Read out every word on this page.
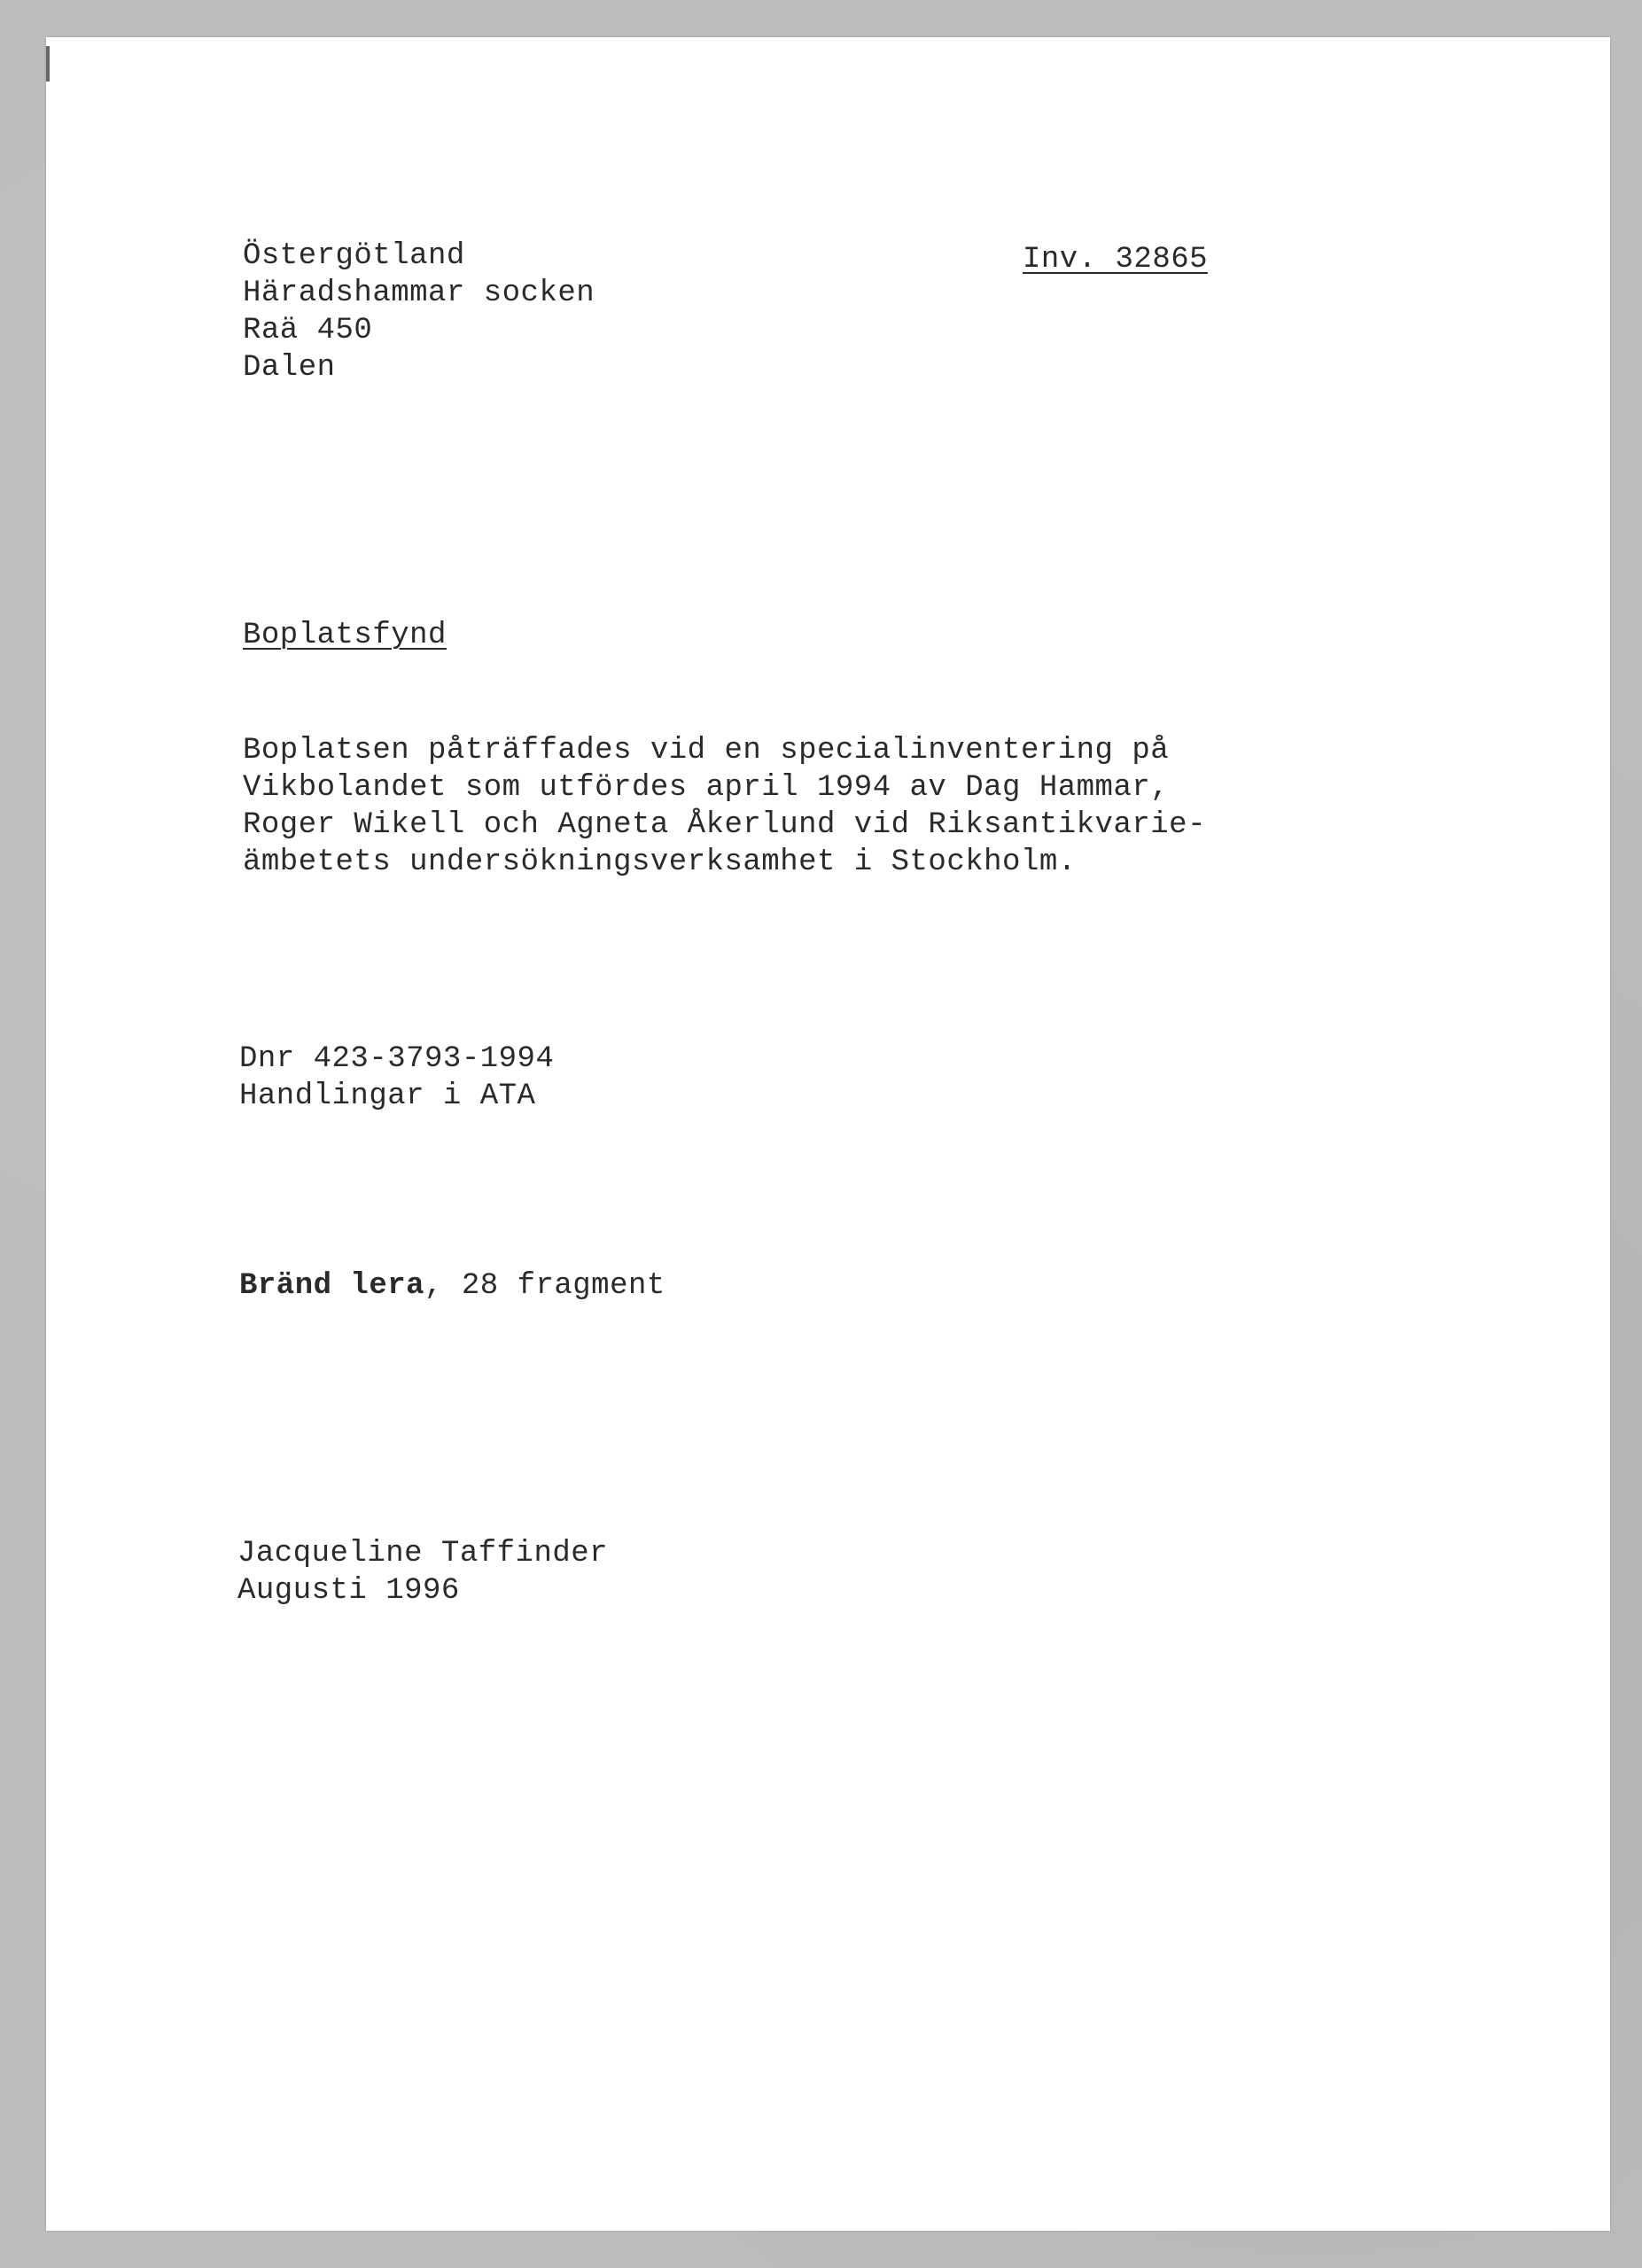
Östergötland
Häradshammar socken
Raä 450
Dalen
Inv. 32865
Boplatsfynd
Boplatsen påträffades vid en specialinventering på
Vikbolandet som utfördes april 1994 av Dag Hammar,
Roger Wikell och Agneta Åkerlund vid Riksantikvarie-
ämbetets undersökningsverksamhet i Stockholm.
Dnr 423-3793-1994
Handlingar i ATA
Bränd lera, 28 fragment
Jacqueline Taffinder
Augusti 1996
